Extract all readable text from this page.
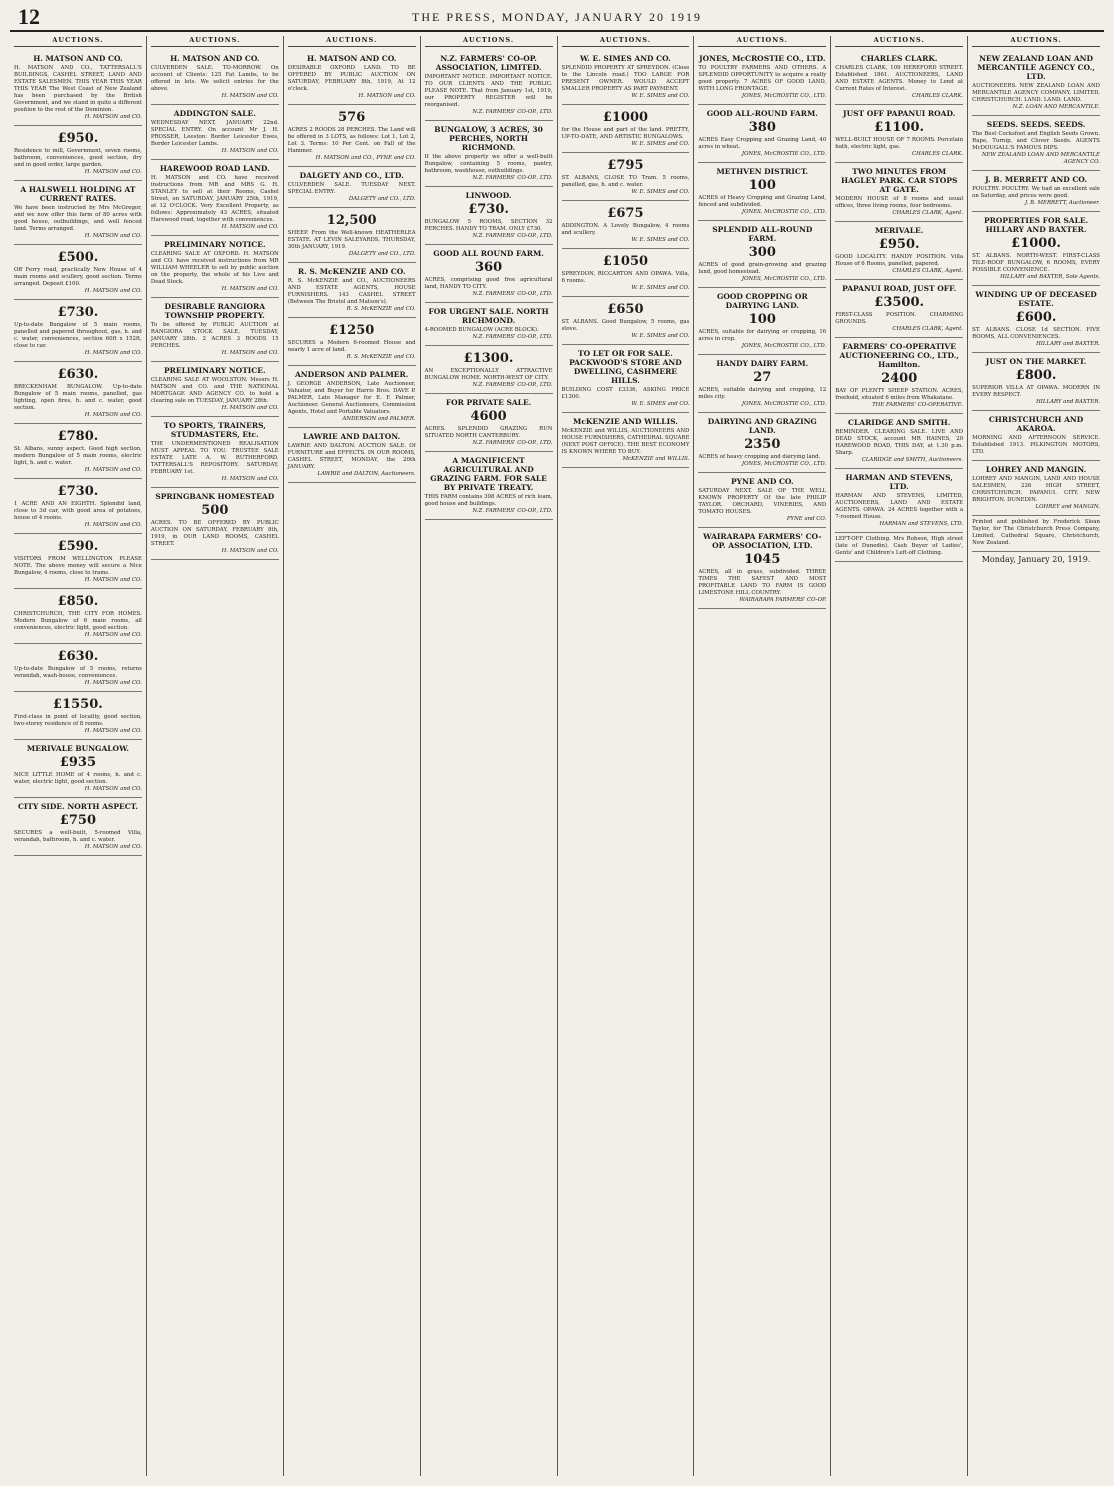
12	THE PRESS, MONDAY, JANUARY 20 1919
AUCTIONS.
H. MATSON AND CO.
H. MATSON AND CO., TATTERSALL'S BUILDINGS, CASHEL STREET, LAND AND ESTATE SALESMEN. THIS YEAR THIS YEAR THIS YEAR The West Coast of New Zealand has been purchased by the British Government, and we stand in quite a different position to the rest of the Dominion.
H. MATSON and CO.
£950.
Residence to mill, Government, seven rooms, bathroom, conveniences, good section, dry and in good order, large garden.
H. MATSON and CO.
A HALSWELL HOLDING AT CURRENT RATES.
We have been instructed by Mrs McGregor, and we now offer this farm of 80 acres with good house, outbuildings, and well fenced land. Terms arranged.
H. MATSON and CO.
£500.
Off Ferry road, practically New House of 4 main rooms and scullery, good section. Terms arranged. Deposit £100.
H. MATSON and CO.
£730.
Up-to-date Bungalow of 5 main rooms, panelled and papered throughout, gas, h. and c. water, conveniences, section 60ft x 152ft, close to car.
H. MATSON and CO.
£630.
BRECKENHAM BUNGALOW. Up-to-date Bungalow of 5 main rooms, panelled, gas lighting, open fires, h. and c. water, good section.
H. MATSON and CO.
£780.
St. Albans, sunny aspect. Good high section, modern Bungalow of 5 main rooms, electric light, h. and c. water.
H. MATSON and CO.
£730.
1 ACRE AND AN EIGHTH. Splendid land, close to 3d car, with good area of potatoes, house of 4 rooms.
H. MATSON and CO.
£590.
VISITORS FROM WELLINGTON PLEASE NOTE. The above money will secure a Nice Bungalow, 4 rooms, close to trams.
H. MATSON and CO.
£850.
CHRISTCHURCH, THE CITY FOR HOMES. Modern Bungalow of 6 main rooms, all conveniences, electric light, good section.
H. MATSON and CO.
£630.
Up-to-date Bungalow of 5 rooms, returns verandah, wash-house, conveniences.
H. MATSON and CO.
£1550.
First-class in point of locality, good section, two-storey residence of 8 rooms.
H. MATSON and CO.
MERIVALE BUNGALOW.
£935
NICE LITTLE HOME of 4 rooms, h. and c. water, electric light, good section.
H. MATSON and CO.
CITY SIDE. NORTH ASPECT.
£750
SECURES a well-built, 5-roomed Villa, verandah, bathroom, h. and c. water.
H. MATSON and CO.
AUCTIONS.
H. MATSON AND CO.
CULVERDEN SALE. TO-MORROW. On account of Clients: 125 Fat Lambs, to be offered in lots. We solicit entries for the above.
H. MATSON and CO.
ADDINGTON SALE.
WEDNESDAY NEXT, JANUARY 22nd. SPECIAL ENTRY. On account Mr J. H. PROSSER, Leeston: Border Leicester Ewes, Border Leicester Lambs.
H. MATSON and CO.
HAREWOOD ROAD LAND.
H. MATSON and CO. have received instructions from MR and MRS G. H. STANLEY to sell at their Rooms, Cashel Street, on SATURDAY, JANUARY 25th, 1919, at 12 O'CLOCK. Very Excellent Property, as follows: Approximately 43 ACRES, situated Harewood road, together with conveniences.
H. MATSON and CO.
PRELIMINARY NOTICE.
CLEARING SALE AT OXFORD. H. MATSON and CO. have received instructions from MR WILLIAM WHEELER to sell by public auction on the property, the whole of his Live and Dead Stock.
H. MATSON and CO.
DESIRABLE RANGIORA TOWNSHIP PROPERTY.
To be offered by PUBLIC AUCTION at RANGIORA STOCK SALE, TUESDAY, JANUARY 28th. 2 ACRES 3 ROODS 15 PERCHES.
H. MATSON and CO.
PRELIMINARY NOTICE.
CLEARING SALE AT WOOLSTON. Messrs H. MATSON and CO. and THE NATIONAL MORTGAGE AND AGENCY CO. to hold a clearing sale on TUESDAY, JANUARY 28th.
H. MATSON and CO.
TO SPORTS, TRAINERS, STUDMASTERS, Etc.
THE UNDERMENTIONED REALISATION MUST APPEAL TO YOU. TRUSTEE SALE ESTATE LATE A. W. RUTHERFORD. TATTERSALL'S REPOSITORY. SATURDAY, FEBRUARY 1st.
H. MATSON and CO.
SPRINGBANK HOMESTEAD
500
ACRES. TO BE OFFERED BY PUBLIC AUCTION ON SATURDAY, FEBRUARY 8th, 1919, in OUR LAND ROOMS, CASHEL STREET.
H. MATSON and CO.
AUCTIONS.
H. MATSON AND CO.
DESIRABLE OXFORD LAND. TO BE OFFERED BY PUBLIC AUCTION ON SATURDAY, FEBRUARY 8th, 1919, At 12 o'clock.
H. MATSON and CO.
576
ACRES 2 ROODS 28 PERCHES. The Land will be offered in 3 LOTS, as follows: Lot 1, Lot 2, Lot 3. Terms: 10 Per Cent. on Fall of the Hammer.
H. MATSON and CO., PYNE and CO.
DALGETY AND CO., LTD.
CULVERDEN SALE. TUESDAY NEXT. SPECIAL ENTRY.
DALGETY and CO., LTD.
12,500
SHEEP. From the Well-known HEATHERLEA ESTATE. AT LEVIN SALEYARDS. THURSDAY, 30th JANUARY, 1919.
DALGETY and CO., LTD.
R. S. McKENZIE AND CO.
R. S. McKENZIE and CO., AUCTIONEERS AND ESTATE AGENTS, HOUSE FURNISHERS. 143 CASHEL STREET (Between The Bristol and Matson's).
R. S. McKENZIE and CO.
£1250
SECURES a Modern 6-roomed House and nearly 1 acre of land.
R. S. McKENZIE and CO.
ANDERSON AND PALMER.
J. GEORGE ANDERSON, Late Auctioneer, Valuator, and Buyer for Harris Bros. DAVE P. PALMER, Late Manager for E. F. Palmer, Auctioneer. General Auctioneers, Commission Agents, Hotel and Portable Valuators.
ANDERSON and PALMER.
LAWRIE AND DALTON.
LAWRIE AND DALTON. AUCTION SALE. Of FURNITURE and EFFECTS. IN OUR ROOMS, CASHEL STREET, MONDAY, the 20th JANUARY.
LAWRIE and DALTON, Auctioneers.
AUCTIONS.
N.Z. FARMERS' CO-OP. ASSOCIATION, LIMITED.
IMPORTANT NOTICE. IMPORTANT NOTICE. TO OUR CLIENTS AND THE PUBLIC. PLEASE NOTE. That from January 1st, 1919, our PROPERTY REGISTER will be reorganised.
N.Z. FARMERS' CO-OP., LTD.
BUNGALOW, 3 ACRES, 30 PERCHES, NORTH RICHMOND.
If the above property we offer a well-built Bungalow, containing 5 rooms, pantry, bathroom, washhouse, outbuildings.
N.Z. FARMERS' CO-OP., LTD.
LINWOOD.
£730.
BUNGALOW 5 ROOMS, SECTION 32 PERCHES. HANDY TO TRAM. ONLY £730.
N.Z. FARMERS' CO-OP., LTD.
GOOD ALL ROUND FARM.
360
ACRES, comprising good free agricultural land, HANDY TO CITY.
N.Z. FARMERS' CO-OP., LTD.
FOR URGENT SALE. NORTH RICHMOND.
4-ROOMED BUNGALOW (ACRE BLOCK).
N.Z. FARMERS' CO-OP., LTD.
£1300.
AN EXCEPTIONALLY ATTRACTIVE BUNGALOW HOME. NORTH-WEST OF CITY.
N.Z. FARMERS' CO-OP., LTD.
FOR PRIVATE SALE.
4600
ACRES. SPLENDID GRAZING RUN SITUATED NORTH CANTERBURY.
N.Z. FARMERS' CO-OP., LTD.
A MAGNIFICENT AGRICULTURAL AND GRAZING FARM. FOR SALE BY PRIVATE TREATY.
THIS FARM contains 398 ACRES of rich loam, good house and buildings.
N.Z. FARMERS' CO-OP., LTD.
AUCTIONS.
W. E. SIMES AND CO.
SPLENDID PROPERTY AT SPREYDON. (Close to the Lincoln road.) TOO LARGE FOR PRESENT OWNER. WOULD ACCEPT SMALLER PROPERTY AS PART PAYMENT.
W. E. SIMES and CO.
£1000
for the House and part of the land. PRETTY, UP-TO-DATE, AND ARTISTIC BUNGALOWS.
W. E. SIMES and CO.
£795
ST. ALBANS, CLOSE TO Tram. 5 rooms, panelled, gas, h. and c. water.
W. E. SIMES and CO.
£675
ADDINGTON. A Lovely Bungalow, 4 rooms and scullery.
W. E. SIMES and CO.
£1050
SPREYDON, RICCARTON AND OPAWA. Villa, 6 rooms.
W. E. SIMES and CO.
£650
ST. ALBANS. Good Bungalow, 5 rooms, gas stove.
W. E. SIMES and CO.
TO LET OR FOR SALE. PACKWOOD'S STORE AND DWELLING, CASHMERE HILLS.
BUILDING COST £3336, ASKING PRICE £1300.
W. E. SIMES and CO.
McKENZIE AND WILLIS.
McKENZIE and WILLIS, AUCTIONEERS AND HOUSE FURNISHERS, CATHEDRAL SQUARE (NEXT POST OFFICE). THE BEST ECONOMY IS KNOWN WHERE TO BUY.
McKENZIE and WILLIS.
AUCTIONS.
JONES, McCROSTIE CO., LTD.
TO POULTRY FARMERS AND OTHERS. A SPLENDID OPPORTUNITY to acquire a really good property. 7 ACRES OF GOOD LAND, WITH LONG FRONTAGE.
JONES, McCROSTIE CO., LTD.
GOOD ALL-ROUND FARM.
380
ACRES Easy Cropping and Grazing Land, 40 acres in wheat.
JONES, McCROSTIE CO., LTD.
METHVEN DISTRICT.
100
ACRES of Heavy Cropping and Grazing Land, fenced and subdivided.
JONES, McCROSTIE CO., LTD.
SPLENDID ALL-ROUND FARM.
300
ACRES of good grain-growing and grazing land, good homestead.
JONES, McCROSTIE CO., LTD.
GOOD CROPPING OR DAIRYING LAND.
100
ACRES, suitable for dairying or cropping, 16 acres in crop.
JONES, McCROSTIE CO., LTD.
HANDY DAIRY FARM.
27
ACRES, suitable dairying and cropping, 12 miles city.
JONES, McCROSTIE CO., LTD.
DAIRYING AND GRAZING LAND.
2350
ACRES of heavy cropping and dairying land.
JONES, McCROSTIE CO., LTD.
PYNE AND CO.
SATURDAY NEXT. SALE OF THE WELL KNOWN PROPERTY Of the late PHILIP TAYLOR. ORCHARD, VINERIES, AND TOMATO HOUSES.
PYNE and CO.
WAIRARAPA FARMERS' CO-OP. ASSOCIATION, LTD.
1045
ACRES, all in grass, subdivided. THREE TIMES THE SAFEST AND MOST PROFITABLE LAND TO FARM IS GOOD LIMESTONE HILL COUNTRY.
WAIRARAPA FARMERS' CO-OP.
AUCTIONS.
CHARLES CLARK.
CHARLES CLARK, 109 HEREFORD STREET. Established 1861. AUCTIONEERS, LAND AND ESTATE AGENTS. Money to Lend at Current Rates of Interest.
CHARLES CLARK.
JUST OFF PAPANUI ROAD.
£1100.
WELL-BUILT HOUSE OF 7 ROOMS. Porcelain bath, electric light, gas.
CHARLES CLARK.
TWO MINUTES FROM HAGLEY PARK. CAR STOPS AT GATE.
MODERN HOUSE of 8 rooms and usual offices, three living rooms, four bedrooms.
CHARLES CLARK, Agent.
MERIVALE.
£950.
GOOD LOCALITY. HANDY POSITION. Villa House of 6 Rooms, panelled, papered.
CHARLES CLARK, Agent.
PAPANUI ROAD, JUST OFF.
£3500.
FIRST-CLASS POSITION. CHARMING GROUNDS.
CHARLES CLARK, Agent.
FARMERS' CO-OPERATIVE AUCTIONEERING CO., LTD., Hamilton.
2400
BAY OF PLENTY SHEEP STATION. ACRES, freehold, situated 6 miles from Whakatane.
THE FARMERS' CO-OPERATIVE.
CLARIDGE AND SMITH.
REMINDER. CLEARING SALE. LIVE AND DEAD STOCK, account MR HAINES, 20 HAREWOOD ROAD, THIS DAY, at 1.30 p.m. Sharp.
CLARIDGE and SMITH, Auctioneers.
HARMAN AND STEVENS, LTD.
HARMAN AND STEVENS, LIMITED, AUCTIONEERS, LAND AND ESTATE AGENTS. OPAWA. 24 ACRES together with a 7-roomed House.
HARMAN and STEVENS, LTD.
LEFT-OFF Clothing. Mrs Robson, High street (late of Dunedin). Cash Buyer of Ladies', Gents' and Children's Left-off Clothing.
AUCTIONS.
NEW ZEALAND LOAN AND MERCANTILE AGENCY CO., LTD.
AUCTIONEERS. NEW ZEALAND LOAN AND MERCANTILE AGENCY COMPANY, LIMITED, CHRISTCHURCH. LAND. LAND. LAND.
N.Z. LOAN AND MERCANTILE.
SEEDS. SEEDS. SEEDS.
The Best Cocksfoot and English Seeds Grown. Rape, Turnip, and Clover Seeds. AGENTS McDOUGALL'S FAMOUS DIPS.
NEW ZEALAND LOAN AND MERCANTILE AGENCY CO.
J. B. MERRETT AND CO.
POULTRY. POULTRY. We had an excellent sale on Saturday, and prices were good.
J. B. MERRETT, Auctioneer.
PROPERTIES FOR SALE. HILLARY AND BAXTER.
£1000.
ST. ALBANS. NORTH-WEST. FIRST-CLASS TILE-ROOF BUNGALOW, 6 ROOMS, EVERY POSSIBLE CONVENIENCE.
HILLARY and BAXTER, Sole Agents.
WINDING UP OF DECEASED ESTATE.
£600.
ST. ALBANS. CLOSE 1d SECTION. FIVE ROOMS, ALL CONVENIENCES.
HILLARY and BAXTER.
JUST ON THE MARKET.
£800.
SUPERIOR VILLA AT OPAWA. MODERN IN EVERY RESPECT.
HILLARY and BAXTER.
CHRISTCHURCH AND AKAROA.
MORNING AND AFTERNOON SERVICE. Established 1913. PILKINGTON MOTORS, LTD.
LOHREY AND MANGIN.
LOHREY AND MANGIN, LAND AND HOUSE SALESMEN, 226 HIGH STREET, CHRISTCHURCH. PAPANUI. CITY. NEW BRIGHTON. DUNEDIN.
LOHREY and MANGIN.
Printed and published by Frederick Sloan Taylor, for The Christchurch Press Company, Limited, Cathedral Square, Christchurch, New Zealand.
Monday, January 20, 1919.
